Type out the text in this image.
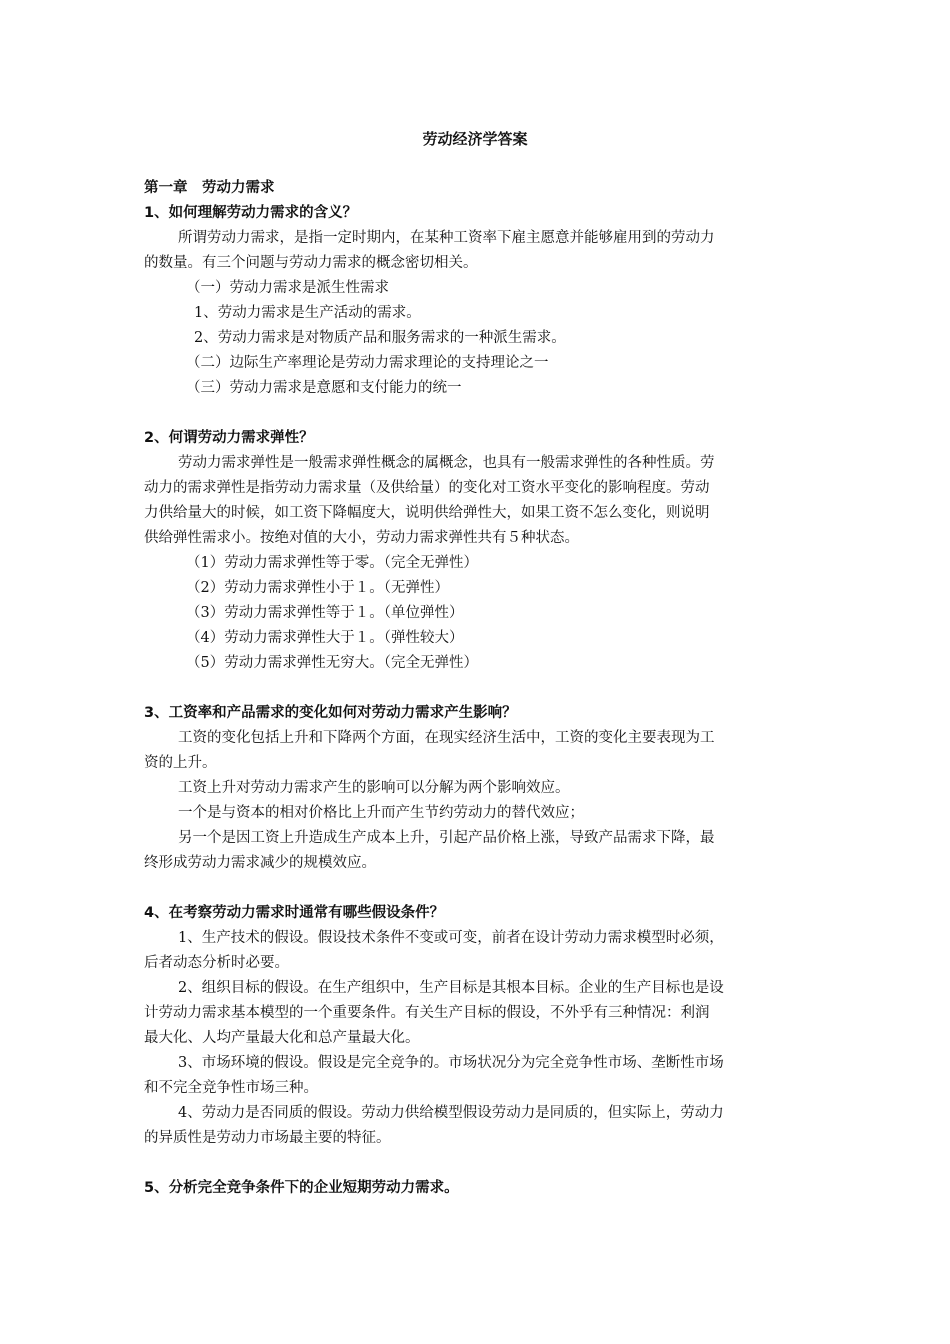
劳动经济学答案
第一章　劳动力需求
1、如何理解劳动力需求的含义？
所谓劳动力需求，是指一定时期内，在某种工资率下雇主愿意并能够雇用到的劳动力
的数量。有三个问题与劳动力需求的概念密切相关。
（一）劳动力需求是派生性需求
1、劳动力需求是生产活动的需求。
2、劳动力需求是对物质产品和服务需求的一种派生需求。
（二）边际生产率理论是劳动力需求理论的支持理论之一
（三）劳动力需求是意愿和支付能力的统一
2、何谓劳动力需求弹性？
劳动力需求弹性是一般需求弹性概念的属概念，也具有一般需求弹性的各种性质。劳
动力的需求弹性是指劳动力需求量（及供给量）的变化对工资水平变化的影响程度。劳动
力供给量大的时候，如工资下降幅度大，说明供给弹性大，如果工资不怎么变化，则说明
供给弹性需求小。按绝对值的大小，劳动力需求弹性共有５种状态。
（1）劳动力需求弹性等于零。（完全无弹性）
（2）劳动力需求弹性小于１。（无弹性）
（3）劳动力需求弹性等于１。（单位弹性）
（4）劳动力需求弹性大于１。（弹性较大）
（5）劳动力需求弹性无穷大。（完全无弹性）
3、工资率和产品需求的变化如何对劳动力需求产生影响？
工资的变化包括上升和下降两个方面，在现实经济生活中，工资的变化主要表现为工
资的上升。
工资上升对劳动力需求产生的影响可以分解为两个影响效应。
一个是与资本的相对价格比上升而产生节约劳动力的替代效应；
另一个是因工资上升造成生产成本上升，引起产品价格上涨，导致产品需求下降，最
终形成劳动力需求减少的规模效应。
4、在考察劳动力需求时通常有哪些假设条件？
1、生产技术的假设。假设技术条件不变或可变，前者在设计劳动力需求模型时必须，
后者动态分析时必要。
2、组织目标的假设。在生产组织中，生产目标是其根本目标。企业的生产目标也是设
计劳动力需求基本模型的一个重要条件。有关生产目标的假设，不外乎有三种情况：利润
最大化、人均产量最大化和总产量最大化。
3、市场环境的假设。假设是完全竞争的。市场状况分为完全竞争性市场、垄断性市场
和不完全竞争性市场三种。
4、劳动力是否同质的假设。劳动力供给模型假设劳动力是同质的，但实际上，劳动力
的异质性是劳动力市场最主要的特征。
5、分析完全竞争条件下的企业短期劳动力需求。
